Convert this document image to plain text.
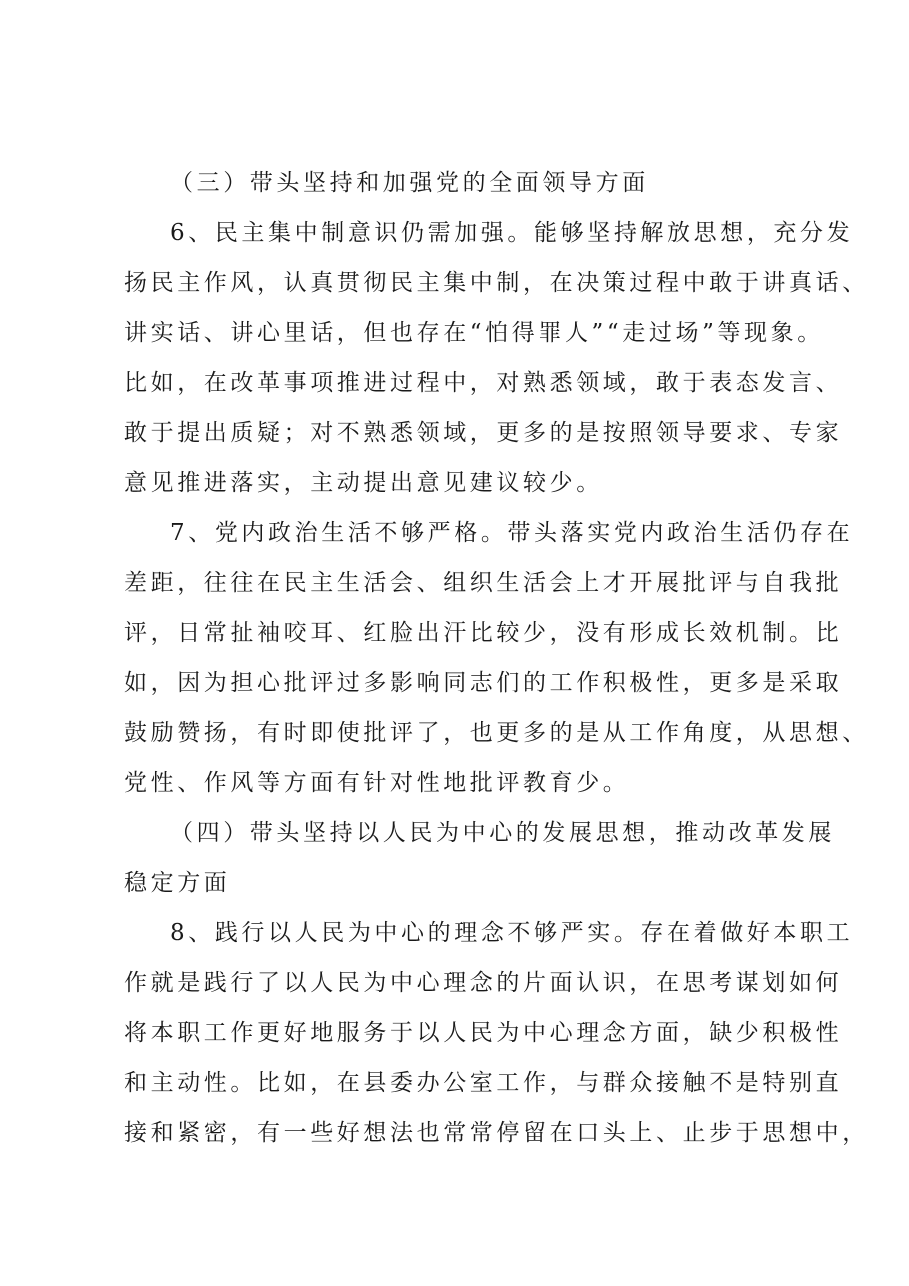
（三）带头坚持和加强党的全面领导方面

6、民主集中制意识仍需加强。能够坚持解放思想，充分发

扬民主作风，认真贯彻民主集中制，在决策过程中敢于讲真话、

讲实话、讲心里话，但也存在“怕得罪人”“走过场”等现象。

比如，在改革事项推进过程中，对熟悉领域，敢于表态发言、

敢于提出质疑；对不熟悉领域，更多的是按照领导要求、专家

意见推进落实，主动提出意见建议较少。

7、党内政治生活不够严格。带头落实党内政治生活仍存在

差距，往往在民主生活会、组织生活会上才开展批评与自我批

评，日常扯袖咬耳、红脸出汗比较少，没有形成长效机制。比

如，因为担心批评过多影响同志们的工作积极性，更多是采取

鼓励赞扬，有时即使批评了，也更多的是从工作角度，从思想、

党性、作风等方面有针对性地批评教育少。

（四）带头坚持以人民为中心的发展思想，推动改革发展

稳定方面

8、践行以人民为中心的理念不够严实。存在着做好本职工

作就是践行了以人民为中心理念的片面认识，在思考谋划如何

将本职工作更好地服务于以人民为中心理念方面，缺少积极性

和主动性。比如，在县委办公室工作，与群众接触不是特别直

接和紧密，有一些好想法也常常停留在口头上、止步于思想中，
